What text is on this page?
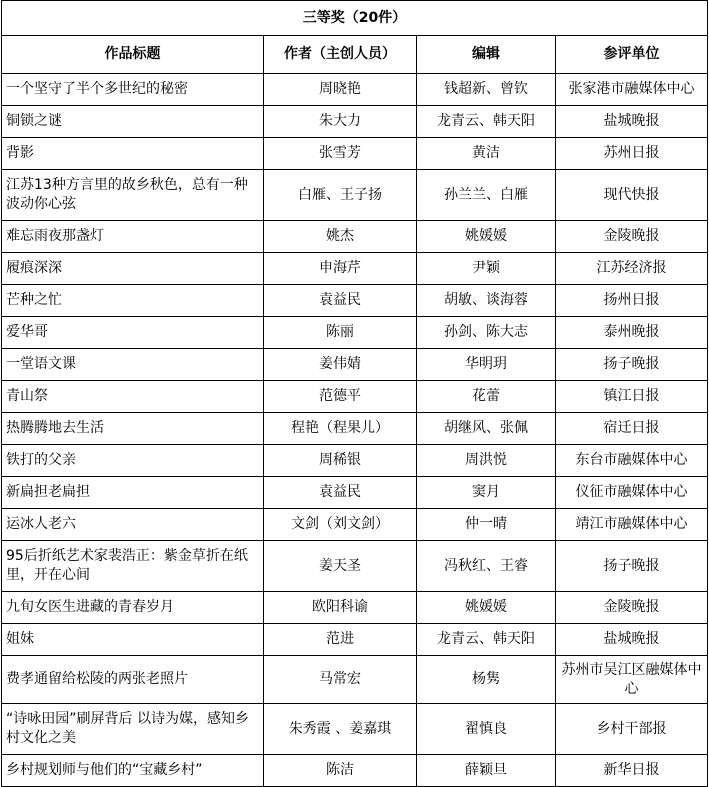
三等奖（20件）			
作品标题	作者（主创人员）	编辑	参评单位
一个坚守了半个多世纪的秘密	周晓艳	钱超新、曾钦	张家港市融媒体中心
铜锁之谜	朱大力	龙青云、韩天阳	盐城晚报
背影	张雪芳	黄洁	苏州日报
江苏13种方言里的故乡秋色，总有一种波动你心弦	白雁、王子扬	孙兰兰、白雁	现代快报
难忘雨夜那盏灯	姚杰	姚媛媛	金陵晚报
履痕深深	申海芹	尹颖	江苏经济报
芒种之忙	袁益民	胡敏、谈海蓉	扬州日报
爱华哥	陈丽	孙剑、陈大志	泰州晚报
一堂语文课	姜伟婧	华明玥	扬子晚报
青山祭	范德平	花蕾	镇江日报
热腾腾地去生活	程艳（程果儿）	胡继风、张佩	宿迁日报
铁打的父亲	周稀银	周洪悦	东台市融媒体中心
新扁担老扁担	袁益民	窦月	仪征市融媒体中心
运冰人老六	文剑（刘文剑）	仲一晴	靖江市融媒体中心
95后折纸艺术家裴浩正：紫金草折在纸里，开在心间	姜天圣	冯秋红、王睿	扬子晚报
九旬女医生进藏的青春岁月	欧阳科谕	姚媛媛	金陵晚报
姐妹	范进	龙青云、韩天阳	盐城晚报
费孝通留给松陵的两张老照片	马常宏	杨隽	苏州市吴江区融媒体中心
“诗咏田园”刷屏背后 以诗为媒，感知乡村文化之美	朱秀霞 、姜嘉琪	翟慎良	乡村干部报
乡村规划师与他们的“宝藏乡村”	陈洁	薛颖旦	新华日报
